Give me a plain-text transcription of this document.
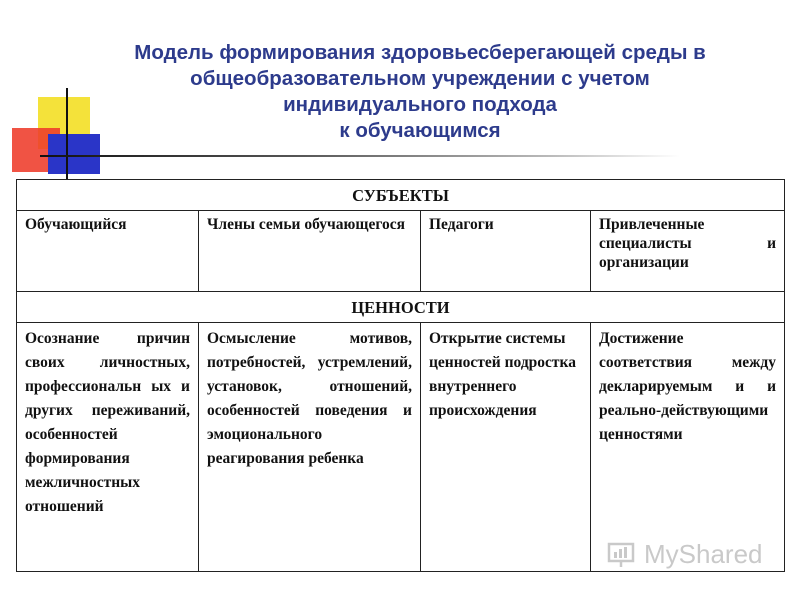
Модель формирования здоровьесберегающей среды в
общеобразовательном учреждении с учетом
индивидуального подхода
к обучающимся
СУБЪЕКТЫ			
Обучающийся	Члены семьи обучающегося	Педагоги	Привлеченные специалисты и организации
ЦЕННОСТИ			
Осознание причин своих личностных, профессиональн ых и других переживаний, особенностей формирования межличностных отношений	Осмысление мотивов, потребностей, устремлений, установок, отношений, особенностей поведения и эмоционального реагирования ребенка	Открытие системы ценностей подростка внутреннего происхождения	Достижение соответствия между декларируемым и и реально-действующими ценностями
MyShared
